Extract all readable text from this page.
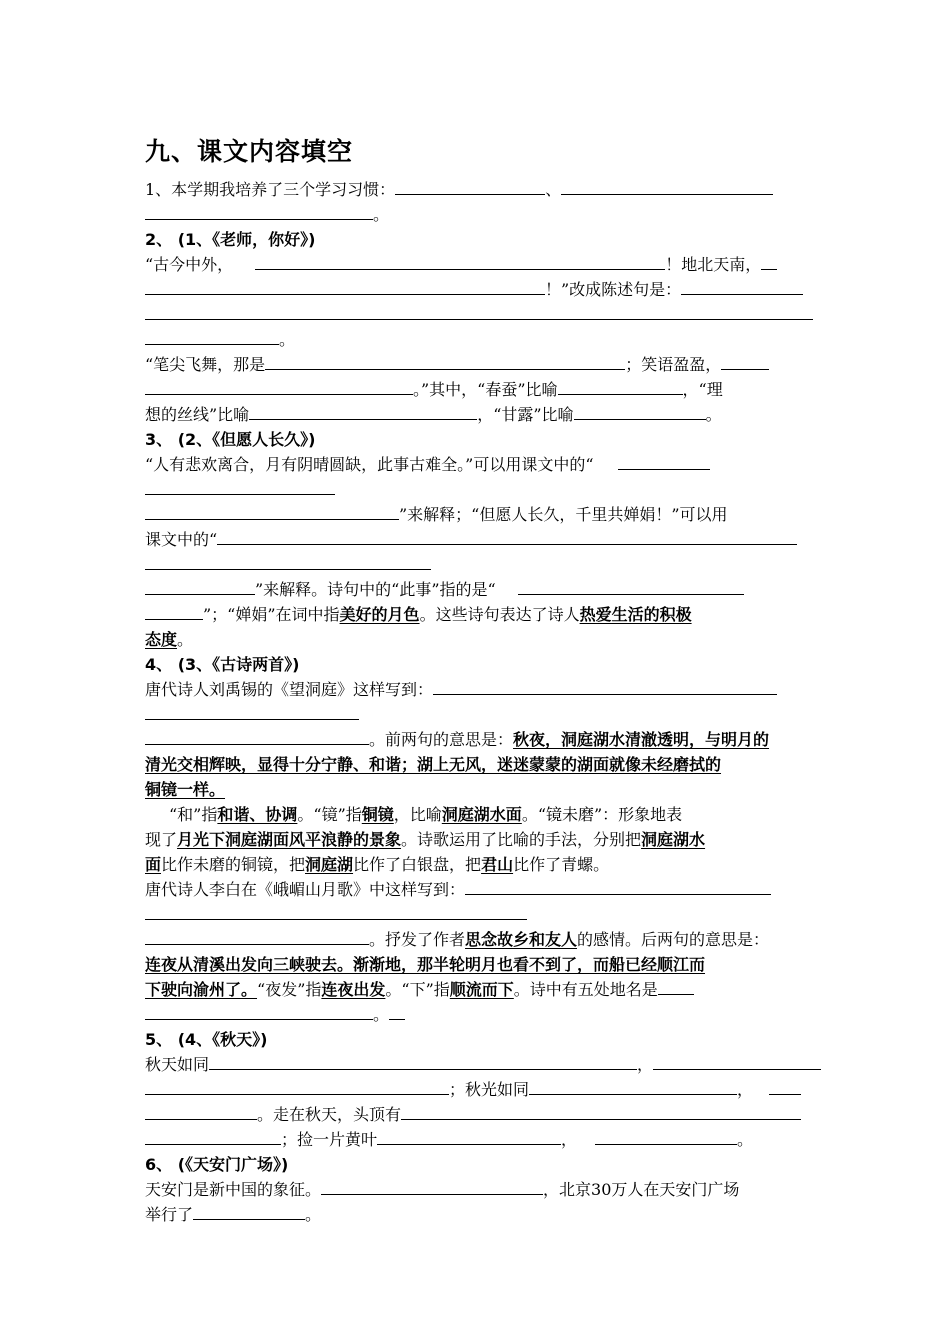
九、课文内容填空
1、本学期我培养了三个学习习惯：	、
。
2、 (1、《老师，你好》)
“古今中外，	！地北天南，
！”改成陈述句是：
。
“笔尖飞舞，那是	；笑语盈盈，
。”其中，“春蚕”比喻	，“理
想的丝线”比喻	，“甘露”比喻	。
3、 (2、《但愿人长久》)
“人有悲欢离合，月有阴晴圆缺，此事古难全。”可以用课文中的“
”来解释；“但愿人长久，千里共婵娟！”可以用
课文中的“
”来解释。诗句中的“此事”指的是“
”；“婵娟”在词中指美好的月色。这些诗句表达了诗人热爱生活的积极
态度。
4、 (3、《古诗两首》)
唐代诗人刘禹锡的《望洞庭》这样写到：
。前两句的意思是：秋夜，洞庭湖水清澈透明，与明月的
清光交相辉映，显得十分宁静、和谐；湖上无风，迷迷蒙蒙的湖面就像未经磨拭的
铜镜一样。
“和”指和谐、协调。“镜”指铜镜，比喻洞庭湖水面。“镜未磨”：形象地表
现了月光下洞庭湖面风平浪静的景象。诗歌运用了比喻的手法，分别把洞庭湖水
面比作未磨的铜镜，把洞庭湖比作了白银盘，把君山比作了青螺。
唐代诗人李白在《峨嵋山月歌》中这样写到：
。抒发了作者思念故乡和友人的感情。后两句的意思是：
连夜从清溪出发向三峡驶去。渐渐地，那半轮明月也看不到了，而船已经顺江而
下驶向渝州了。“夜发”指连夜出发。“下”指顺流而下。诗中有五处地名是
。
5、 (4、《秋天》)
秋天如同	，
；秋光如同	，
。走在秋天，头顶有
；捡一片黄叶	，	。
6、 (《天安门广场》)
天安门是新中国的象征。	，北京30万人在天安门广场
举行了	。
